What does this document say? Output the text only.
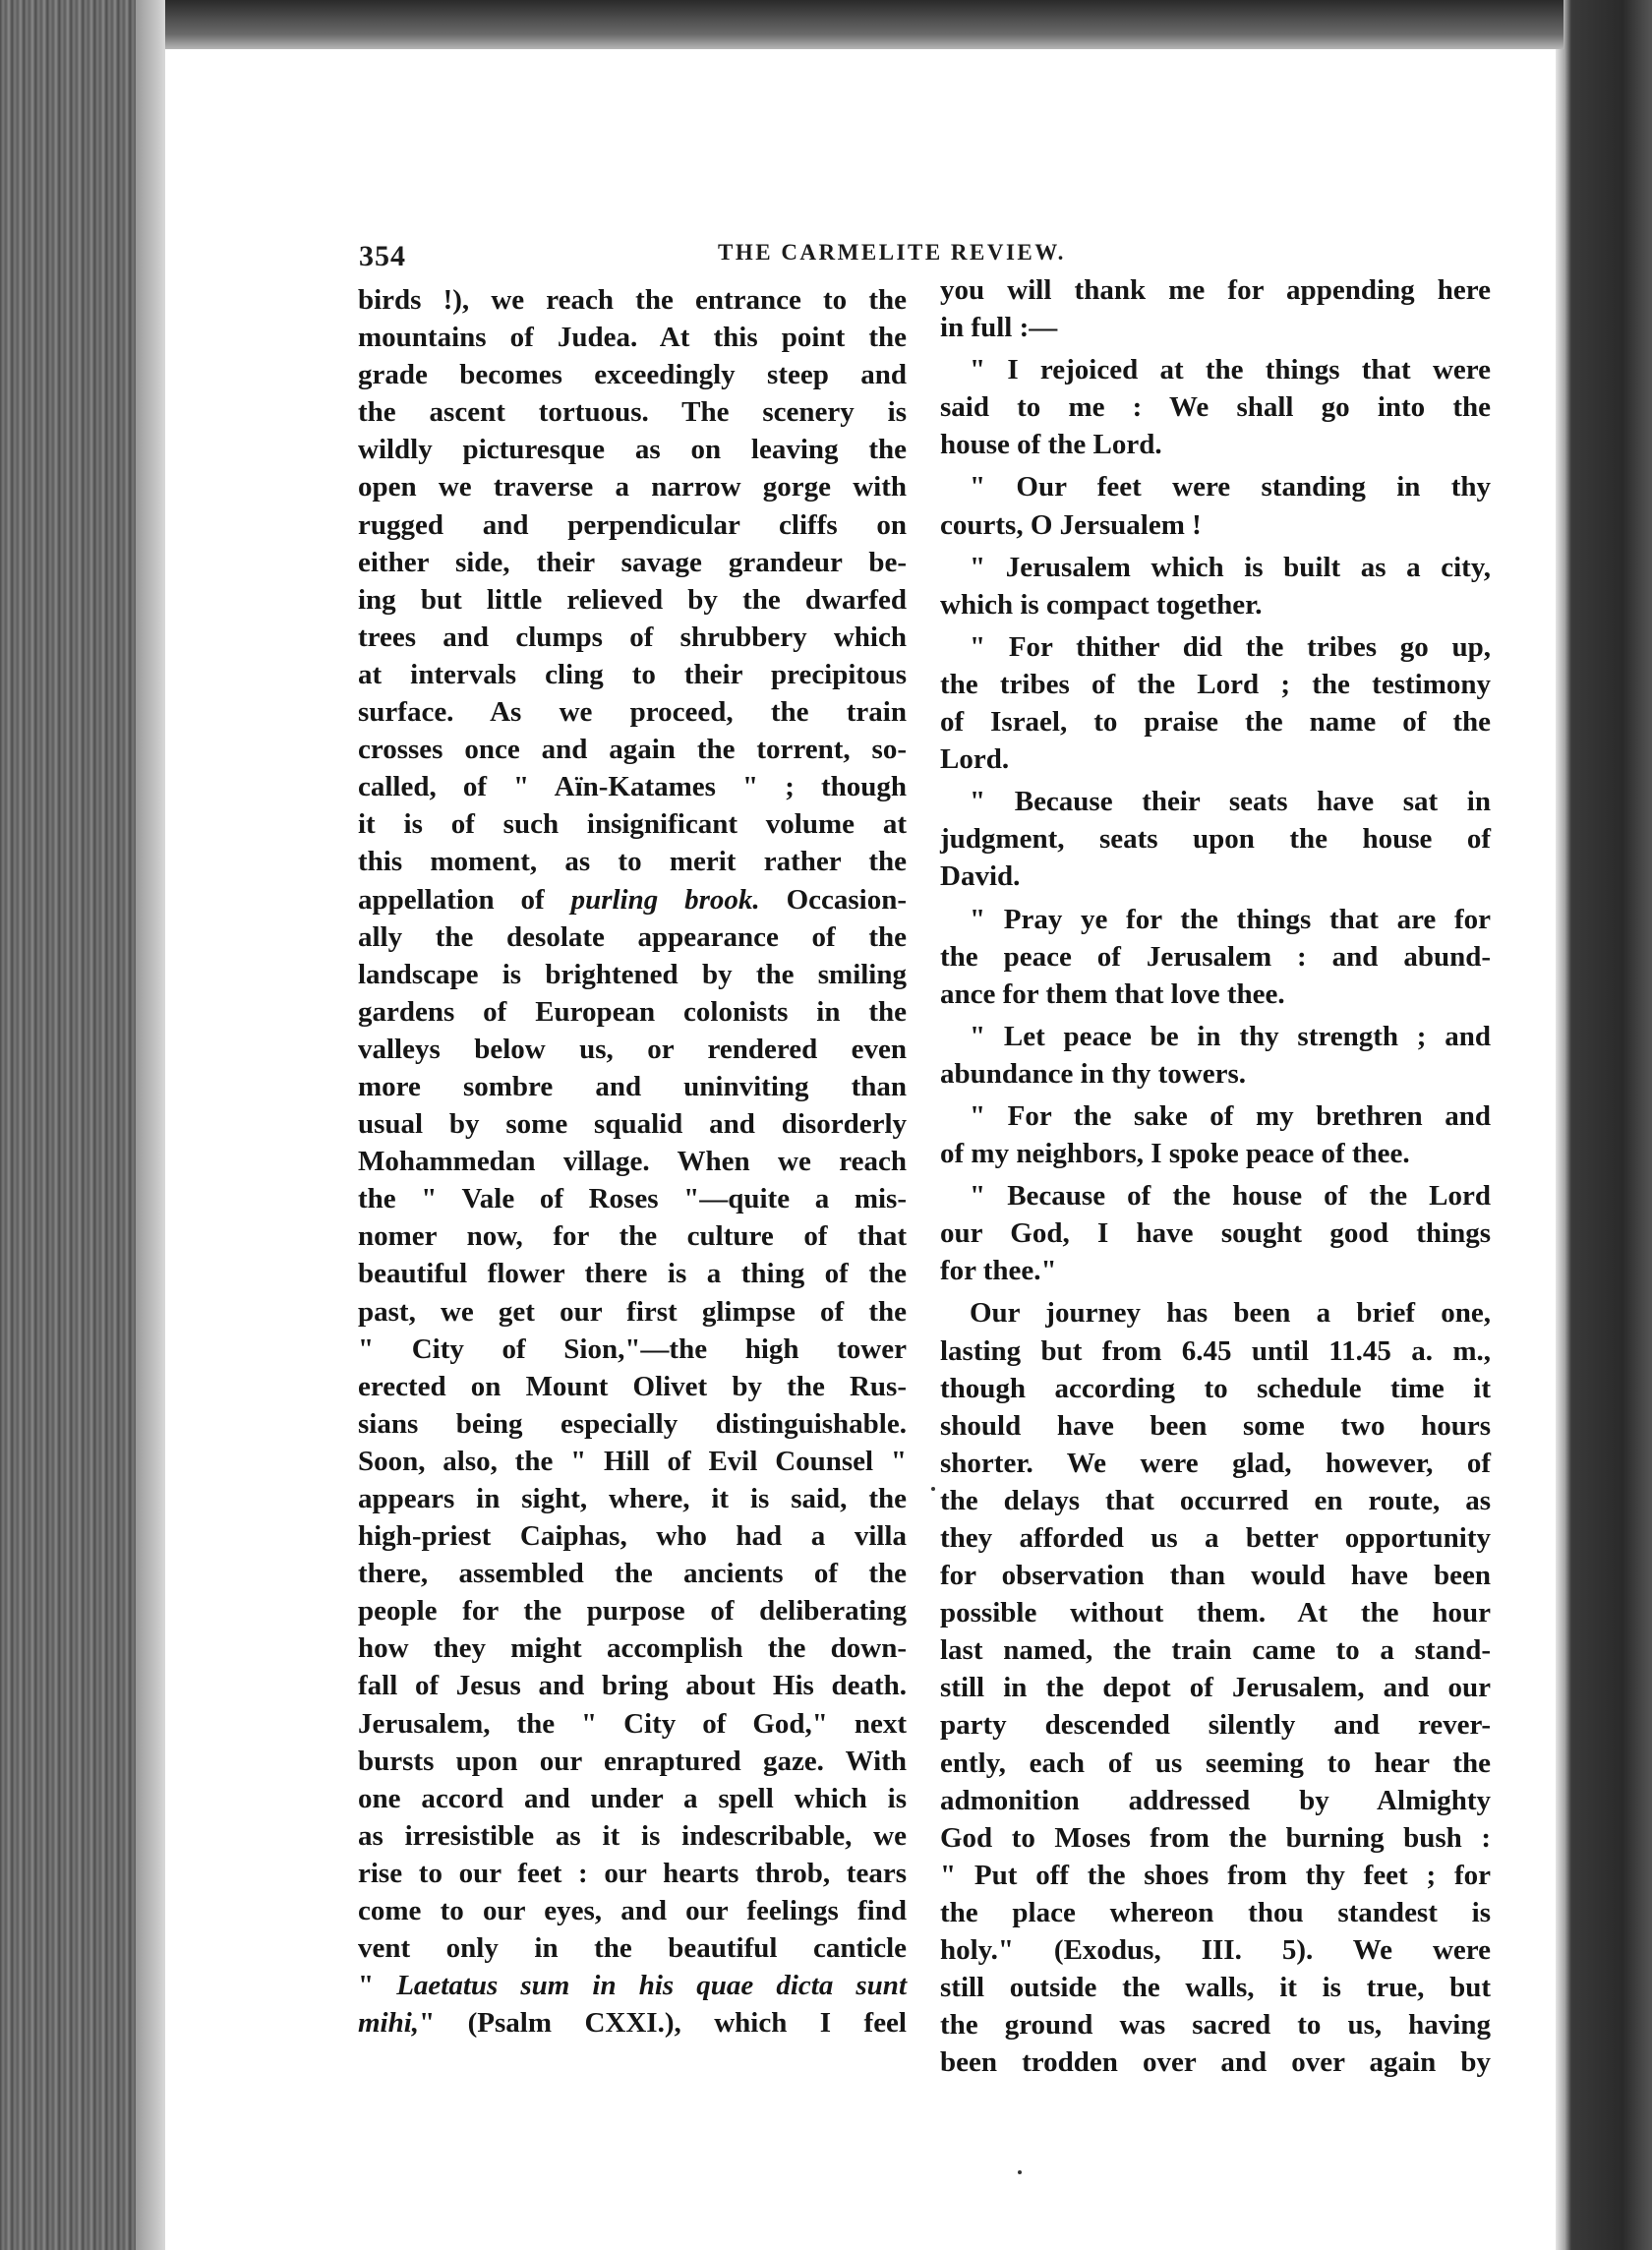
354	THE CARMELITE REVIEW.
birds !), we reach the entrance to the
mountains of Judea. At this point the
grade becomes exceedingly steep and
the ascent tortuous. The scenery is
wildly picturesque as on leaving the
open we traverse a narrow gorge with
rugged and perpendicular cliffs on
either side, their savage grandeur be-
ing but little relieved by the dwarfed
trees and clumps of shrubbery which
at intervals cling to their precipitous
surface. As we proceed, the train
crosses once and again the torrent, so-
called, of " Aïn-Katames " ; though
it is of such insignificant volume at
this moment, as to merit rather the
appellation of purling brook. Occasion-
ally the desolate appearance of the
landscape is brightened by the smiling
gardens of European colonists in the
valleys below us, or rendered even
more sombre and uninviting than
usual by some squalid and disorderly
Mohammedan village. When we reach
the " Vale of Roses "—quite a mis-
nomer now, for the culture of that
beautiful flower there is a thing of the
past, we get our first glimpse of the
" City of Sion,"—the high tower
erected on Mount Olivet by the Rus-
sians being especially distinguishable.
Soon, also, the " Hill of Evil Counsel "
appears in sight, where, it is said, the
high-priest Caiphas, who had a villa
there, assembled the ancients of the
people for the purpose of deliberating
how they might accomplish the down-
fall of Jesus and bring about His death.
Jerusalem, the " City of God," next
bursts upon our enraptured gaze. With
one accord and under a spell which is
as irresistible as it is indescribable, we
rise to our feet : our hearts throb, tears
come to our eyes, and our feelings find
vent only in the beautiful canticle
" Laetatus sum in his quae dicta sunt
mihi," (Psalm CXXI.), which I feel
you will thank me for appending here
in full :—
" I rejoiced at the things that were
said to me : We shall go into the
house of the Lord.
" Our feet were standing in thy
courts, O Jersualem !
" Jerusalem which is built as a city,
which is compact together.
" For thither did the tribes go up,
the tribes of the Lord ; the testimony
of Israel, to praise the name of the
Lord.
" Because their seats have sat in
judgment, seats upon the house of
David.
" Pray ye for the things that are for
the peace of Jerusalem : and abund-
ance for them that love thee.
" Let peace be in thy strength ; and
abundance in thy towers.
" For the sake of my brethren and
of my neighbors, I spoke peace of thee.
" Because of the house of the Lord
our God, I have sought good things
for thee."
Our journey has been a brief one,
lasting but from 6.45 until 11.45 a. m.,
though according to schedule time it
should have been some two hours
shorter. We were glad, however, of
the delays that occurred en route, as
they afforded us a better opportunity
for observation than would have been
possible without them. At the hour
last named, the train came to a stand-
still in the depot of Jerusalem, and our
party descended silently and rever-
ently, each of us seeming to hear the
admonition addressed by Almighty
God to Moses from the burning bush :
" Put off the shoes from thy feet ; for
the place whereon thou standest is
holy." (Exodus, III. 5). We were
still outside the walls, it is true, but
the ground was sacred to us, having
been trodden over and over again by
